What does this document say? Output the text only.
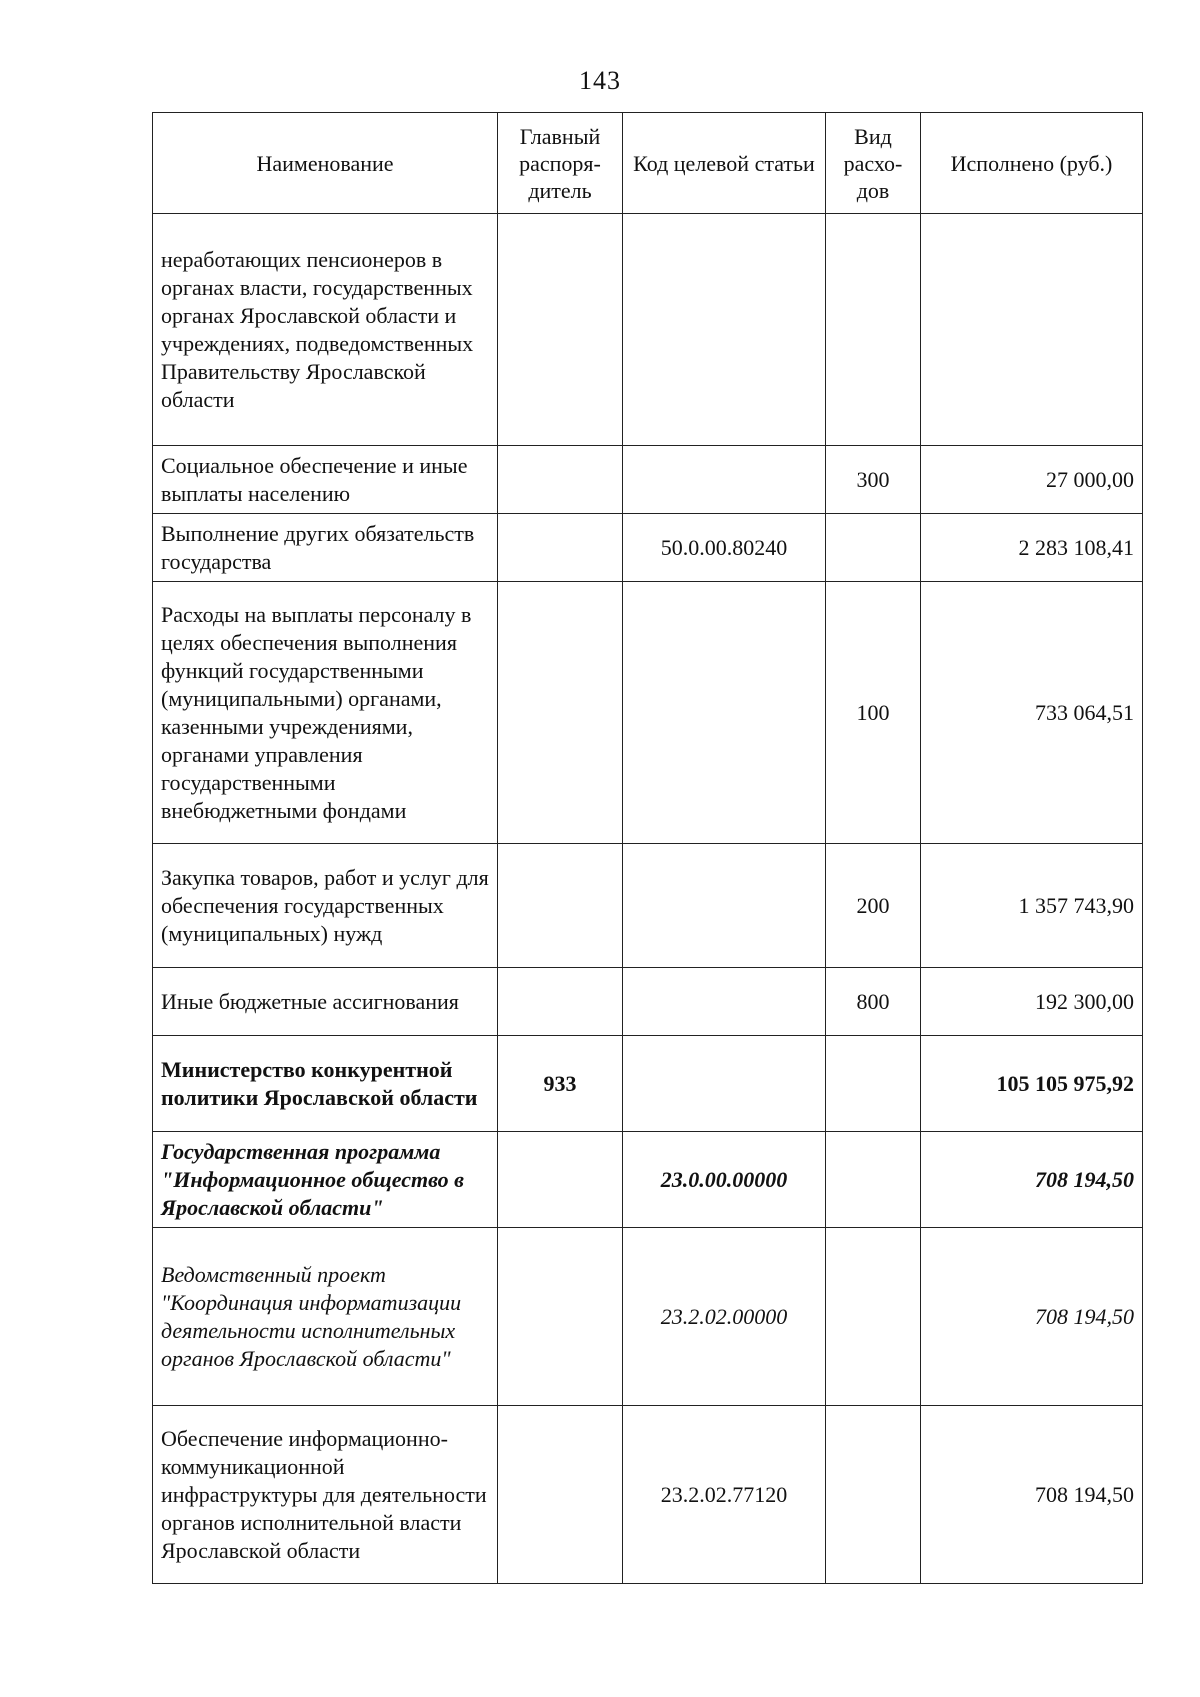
143
Наименование	Главный распоря-дитель	Код целевой статьи	Вид расхо-дов	Исполнено (руб.)
неработающих пенсионеров в органах власти, государственных органах Ярославской области и учреждениях, подведомственных Правительству Ярославской области				
Социальное обеспечение и иные выплаты населению			300	27 000,00
Выполнение других обязательств государства		50.0.00.80240		2 283 108,41
Расходы на выплаты персоналу в целях обеспечения выполнения функций государственными (муниципальными) органами, казенными учреждениями, органами управления государственными внебюджетными фондами			100	733 064,51
Закупка товаров, работ и услуг для обеспечения государственных (муниципальных) нужд			200	1 357 743,90
Иные бюджетные ассигнования			800	192 300,00
Министерство конкурентной политики Ярославской области	933			105 105 975,92
Государственная программа "Информационное общество в Ярославской области"		23.0.00.00000		708 194,50
Ведомственный проект "Координация информатизации деятельности исполнительных органов Ярославской области"		23.2.02.00000		708 194,50
Обеспечение информационно-коммуникационной инфраструктуры для деятельности органов исполнительной власти Ярославской области		23.2.02.77120		708 194,50
